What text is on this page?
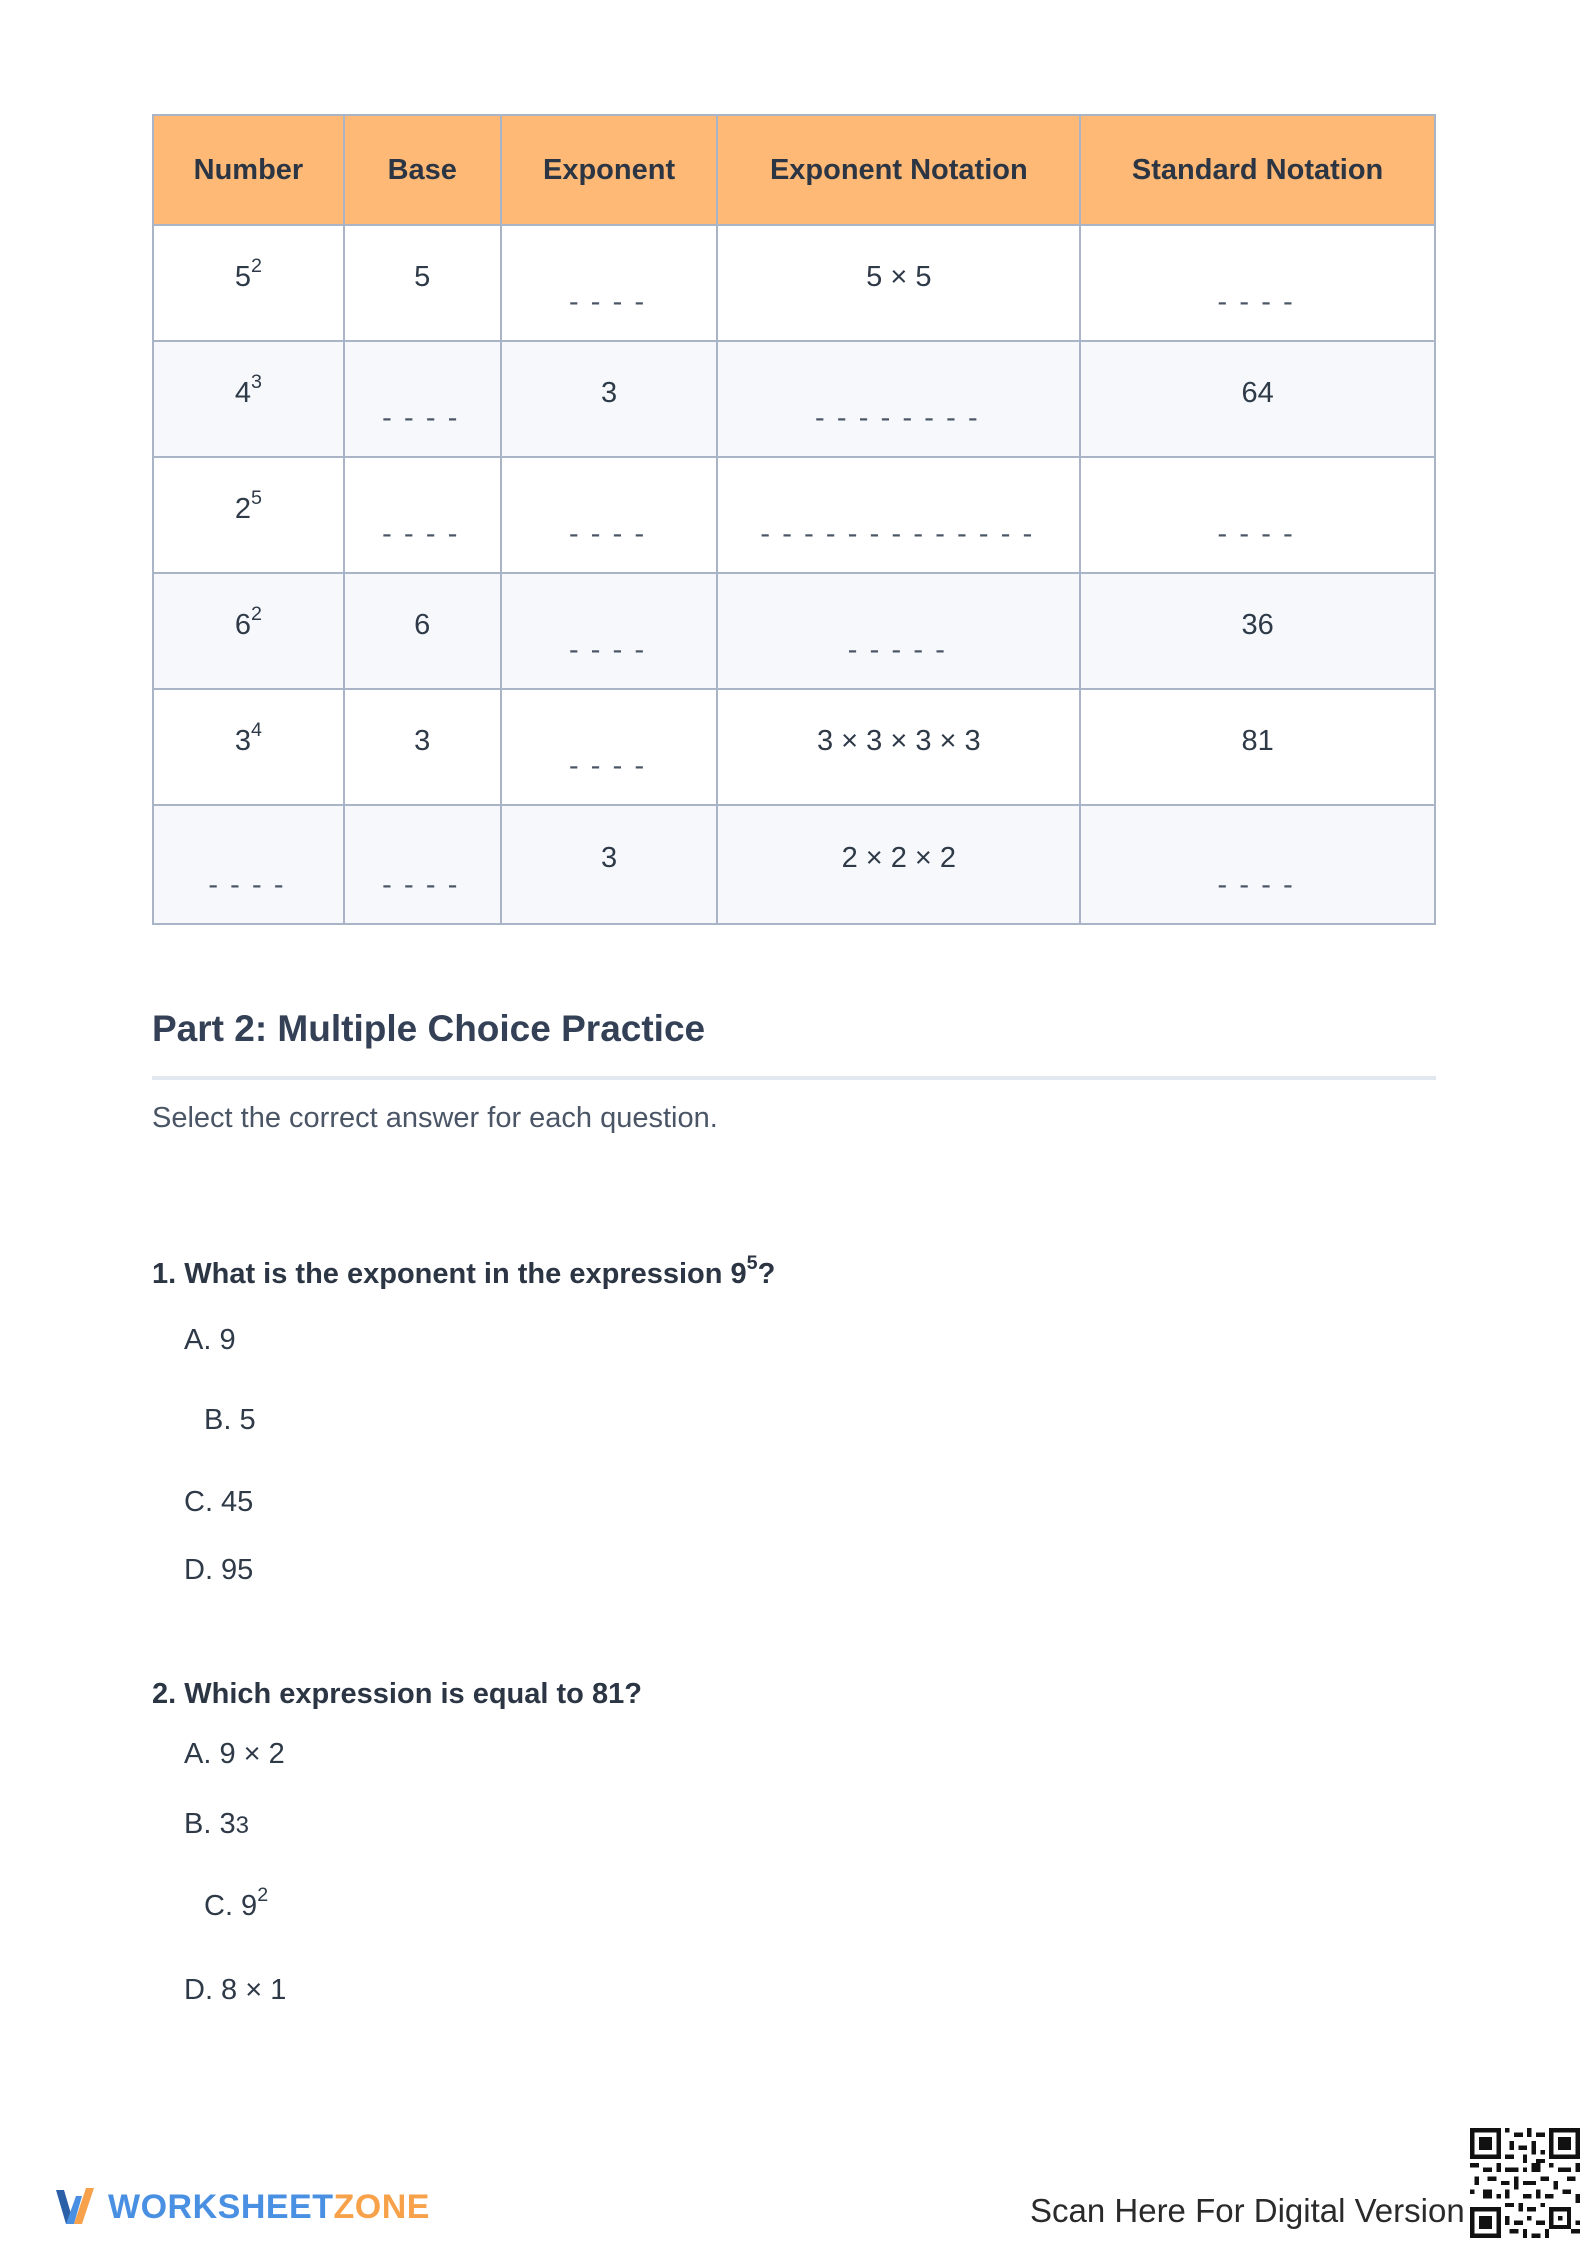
Number	Base	Exponent	Exponent Notation	Standard Notation
$5^2$	5	----	5 × 5	----

$4^3$	----	3	--------	64
$2^5$	----	----	-------------	----

$6^2$	6	----	-----	36
$3^4$	3	----	3 × 3 × 3 × 3	81

----	----	3	2 × 2 × 2	----
Part 2: Multiple Choice Practice
Select the correct answer for each question.
1. What is the exponent in the expression $9^5$?
A. 9
B. 5
C. 45
D. 95
2. Which expression is equal to 81?
A. 9 × 2
B. 33
C. $9^2$
D. 8 × 1
WORKSHEETZONE	Scan Here For Digital Version
